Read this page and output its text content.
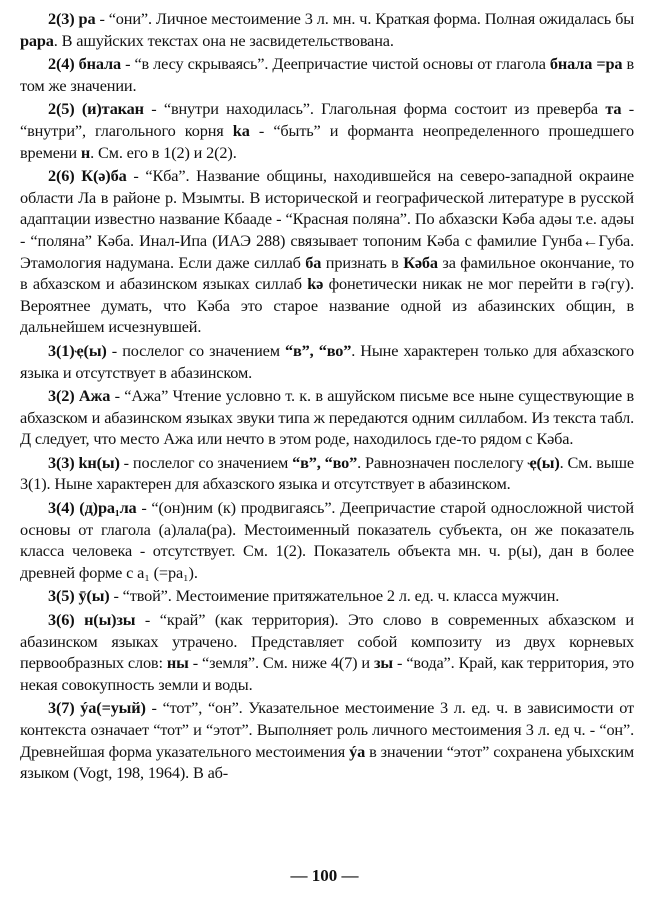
2(3) ра - “они”. Личное местоимение 3 л. мн. ч. Краткая форма. Полная ожидалась бы рара. В ашуйских текстах она не засвидетельствована.

2(4) бнала - “в лесу скрываясь”. Деепричастие чистой основы от глагола бнала =ра в том же значении.

2(5) (и)такан - “внутри находилась”. Глагольная форма состоит из превербa та - “внутри”, глагольного корня ka - “быть” и форманта неопределенного прошедшего времени н. См. его в 1(2) и 2(2).

2(6) К(ә)ба - “Кба”. Название общины, находившейся на северо-западной окраине области Ла в районе р. Мзымты. В исторической и географической литературе в русской адаптации известно название Кбааде - “Красная поляна”. По абхазски Кәба адәы т.е. адәы - “поляна” Кәба. Инал-Ипа (ИАЭ 288) связывает топоним Кәба с фамилие Гунба←Губа. Этамология надумана. Если даже силлаб ба признать в Кәба за фамильное окончание, то в абхазском и абазинском языках силлаб kә фонетически никак не мог перейти в гә(гу). Вероятнее думать, что Кәба это старое название одной из абазинских общин, в дальнейшем исчезнувшей.

3(1)ҿ(ы) - послелог со значением “в”, “во”. Ныне характерен только для абхазского языка и отсутствует в абазинском.

3(2) Ажа - “Ажа” Чтение условно т. к. в ашуйском письме все ныне существующие в абхазском и абазинском языках звуки типа ж передаются одним силлабом. Из текста табл. Д следует, что место Ажа или нечто в этом роде, находилось где-то рядом с Кәба.

3(3) kн(ы) - послелог со значением “в”, “во”. Равнозначен послелогу ҿ(ы). См. выше 3(1). Ныне характерен для абхазского языка и отсутствует в абазинском.

3(4) (д)ра₁ла - “(он)ним (к) продвигаясь”. Деепричастие старой односложной чистой основы от глагола (а)лала(ра). Местоименный показатель субъекта, он же показатель класса человека - отсутствует. См. 1(2). Показатель объекта мн. ч. р(ы), дан в более древней форме с a₁ (=ра₁).

3(5) ӯ(ы) - “твой”. Местоимение притяжательное 2 л. ед. ч. класса мужчин.

3(6) н(ы)зы - “край” (как территория). Это слово в современных абхазском и абазинском языках утрачено. Представляет собой композиту из двух корневых первообразных слов: ны - “земля”. См. ниже 4(7) и зы - “вода”. Край, как территория, это некая совокупность земли и воды.

3(7) ýа(=уый) - “тот”, “он”. Указательное местоимение 3 л. ед. ч. в зависимости от контекста означает “тот” и “этот”. Выполняет роль личного местоимения 3 л. ед ч. - “он”. Древнейшая форма указательного местоимения ýа в значении “этот” сохранена убыхским языком (Vogt, 198, 1964). В аб-

— 100 —
